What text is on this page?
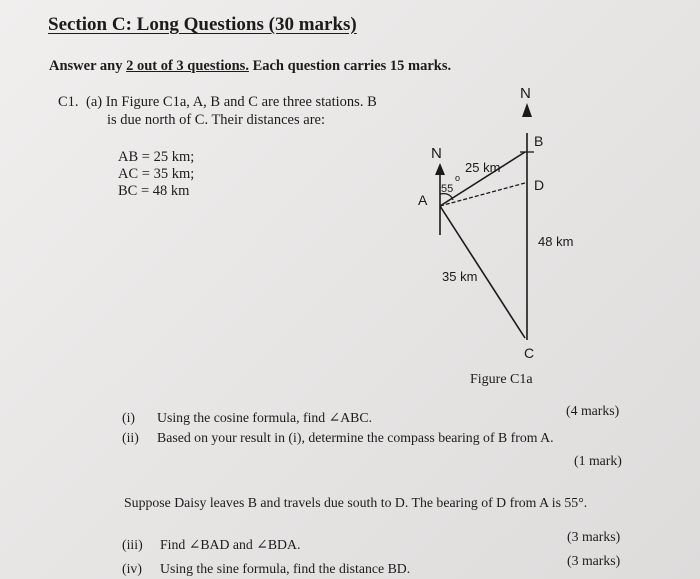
Section C: Long Questions (30 marks)
Answer any 2 out of 3 questions. Each question carries 15 marks.
C1. (a) In Figure C1a, A, B and C are three stations. B
is due north of C. Their distances are:
AB = 25 km;
AC = 35 km;
BC = 48 km
N
N
B
D
A
C
25 km
35 km
48 km
55
o
Figure C1a
(i) Using the cosine formula, find ∠ABC.	(4 marks)
(ii) Based on your result in (i), determine the compass bearing of B from A.
(1 mark)
Suppose Daisy leaves B and travels due south to D. The bearing of D from A is 55°.
(iii) Find ∠BAD and ∠BDA.
(3 marks)
(iv) Using the sine formula, find the distance BD.
(3 marks)
